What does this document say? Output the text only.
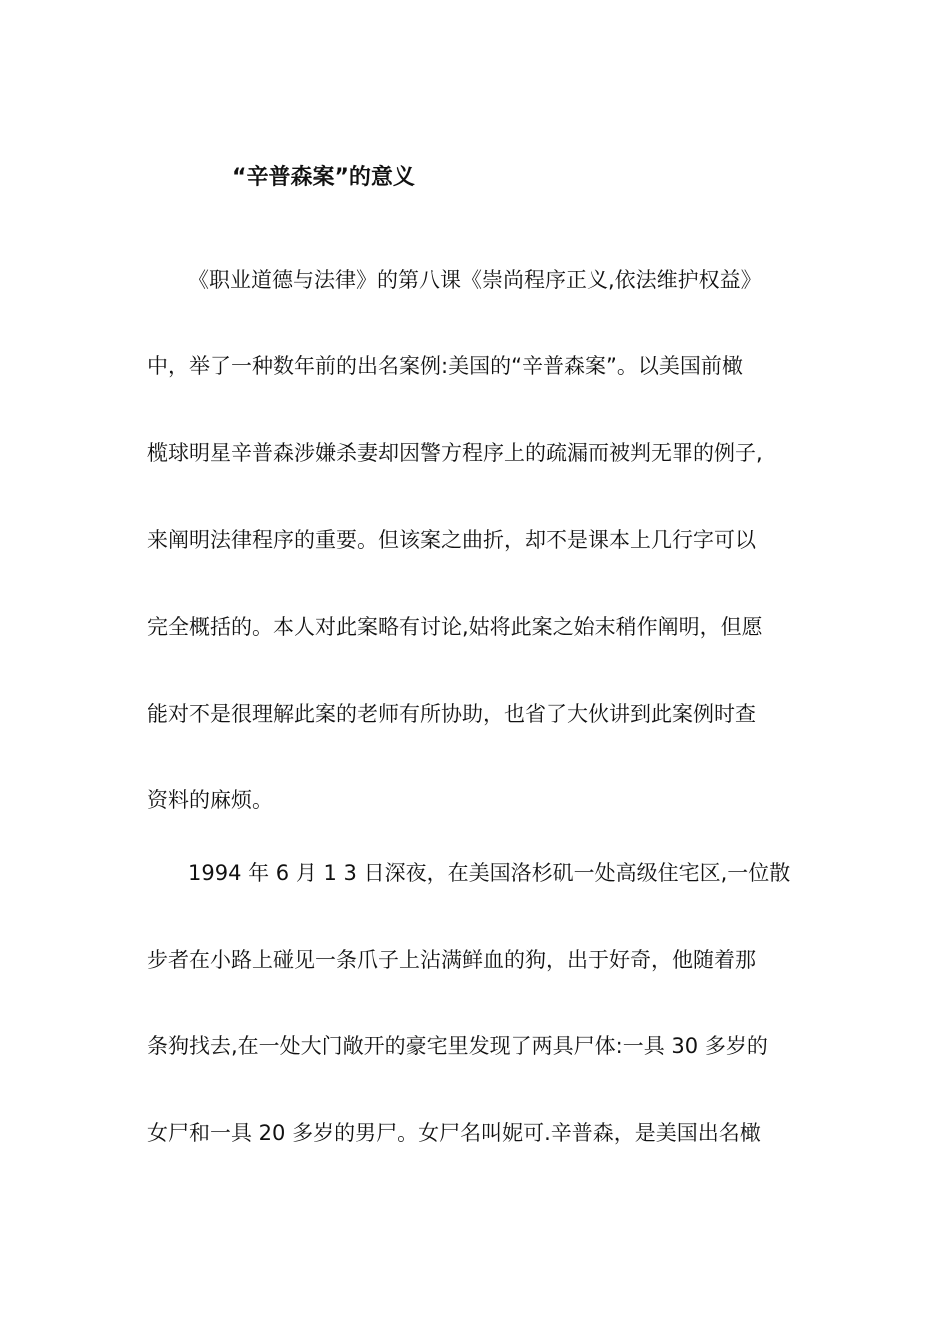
“辛普森案”的意义
《职业道德与法律》的第八课《崇尚程序正义,依法维护权益》
中，举了一种数年前的出名案例:美国的“辛普森案”。以美国前橄
榄球明星辛普森涉嫌杀妻却因警方程序上的疏漏而被判无罪的例子,
来阐明法律程序的重要。但该案之曲折，却不是课本上几行字可以
完全概括的。本人对此案略有讨论,姑将此案之始末稍作阐明，但愿
能对不是很理解此案的老师有所协助，也省了大伙讲到此案例时查
资料的麻烦。
1994 年 6 月 1 3 日深夜，在美国洛杉矶一处高级住宅区,一位散
步者在小路上碰见一条爪子上沾满鲜血的狗，出于好奇，他随着那
条狗找去,在一处大门敞开的豪宅里发现了两具尸体:一具 30 多岁的
女尸和一具 20 多岁的男尸。女尸名叫妮可.辛普森，是美国出名橄
